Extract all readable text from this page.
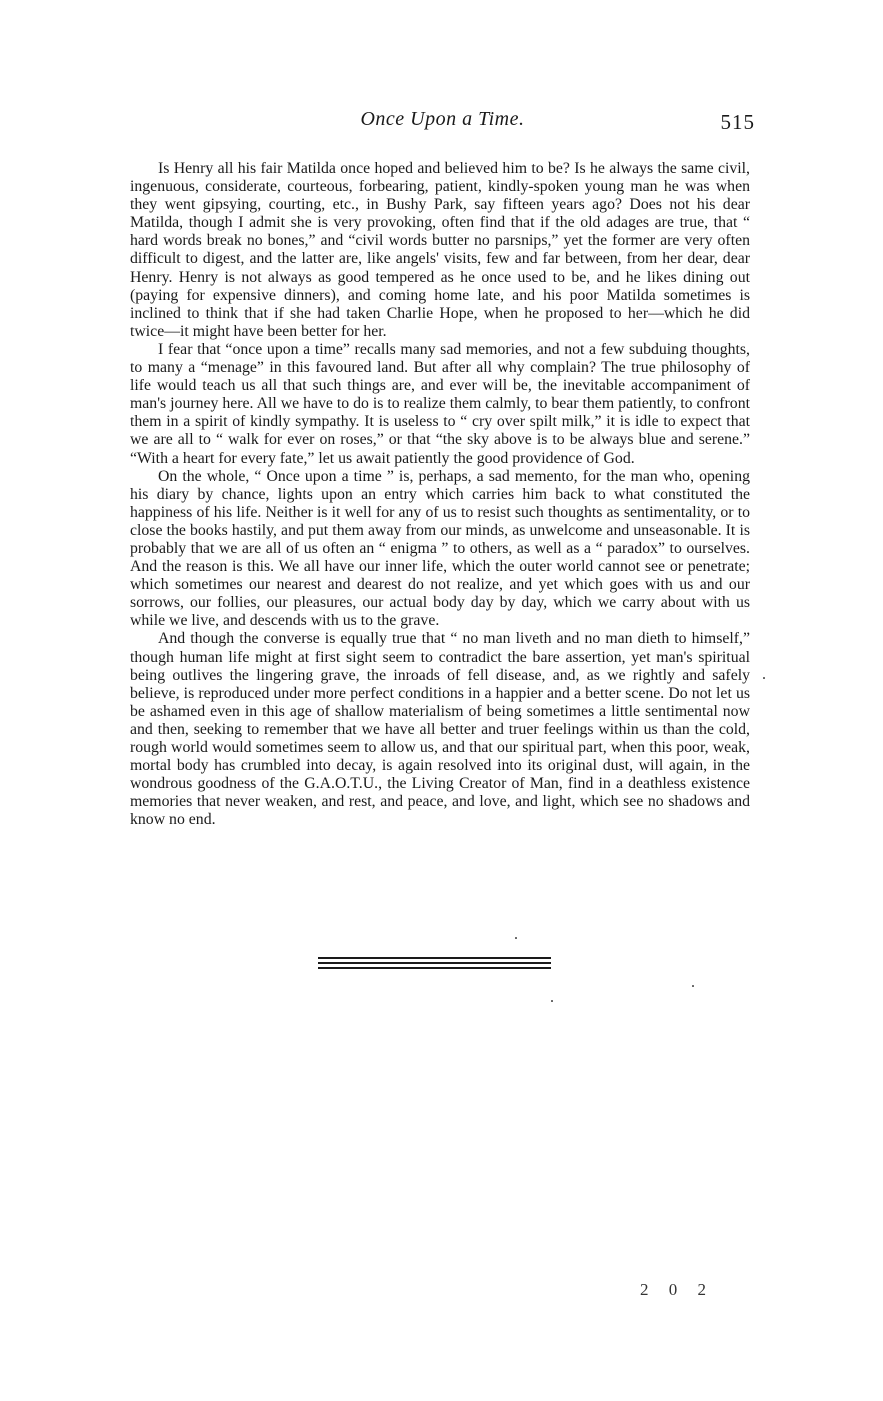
Once Upon a Time.	515

Is Henry all his fair Matilda once hoped and believed him to be? Is he always the same civil, ingenuous, considerate, courteous, forbearing, patient, kindly-spoken young man he was when they went gipsying, courting, etc., in Bushy Park, say fifteen years ago? Does not his dear Matilda, though I admit she is very provoking, often find that if the old adages are true, that “ hard words break no bones,” and “civil words butter no parsnips,” yet the former are very often difficult to digest, and the latter are, like angels' visits, few and far between, from her dear, dear Henry. Henry is not always as good tempered as he once used to be, and he likes dining out (paying for expensive dinners), and coming home late, and his poor Matilda sometimes is inclined to think that if she had taken Charlie Hope, when he proposed to her—which he did twice—it might have been better for her.

I fear that “once upon a time” recalls many sad memories, and not a few subduing thoughts, to many a “menage” in this favoured land. But after all why complain? The true philosophy of life would teach us all that such things are, and ever will be, the inevitable accompaniment of man's journey here. All we have to do is to realize them calmly, to bear them patiently, to confront them in a spirit of kindly sympathy. It is useless to “ cry over spilt milk,” it is idle to expect that we are all to “ walk for ever on roses,” or that “the sky above is to be always blue and serene.” “With a heart for every fate,” let us await patiently the good providence of God.

On the whole, “ Once upon a time ” is, perhaps, a sad memento, for the man who, opening his diary by chance, lights upon an entry which carries him back to what constituted the happiness of his life. Neither is it well for any of us to resist such thoughts as sentimentality, or to close the books hastily, and put them away from our minds, as unwelcome and unseasonable. It is probably that we are all of us often an “ enigma ” to others, as well as a “ paradox” to ourselves. And the reason is this. We all have our inner life, which the outer world cannot see or penetrate; which sometimes our nearest and dearest do not realize, and yet which goes with us and our sorrows, our follies, our pleasures, our actual body day by day, which we carry about with us while we live, and descends with us to the grave.

And though the converse is equally true that “ no man liveth and no man dieth to himself,” though human life might at first sight seem to contradict the bare assertion, yet man's spiritual being outlives the lingering grave, the inroads of fell disease, and, as we rightly and safely believe, is reproduced under more perfect conditions in a happier and a better scene. Do not let us be ashamed even in this age of shallow materialism of being sometimes a little sentimental now and then, seeking to remember that we have all better and truer feelings within us than the cold, rough world would sometimes seem to allow us, and that our spiritual part, when this poor, weak, mortal body has crumbled into decay, is again resolved into its original dust, will again, in the wondrous goodness of the G.A.O.T.U., the Living Creator of Man, find in a deathless existence memories that never weaken, and rest, and peace, and love, and light, which see no shadows and know no end.

2 0 2
